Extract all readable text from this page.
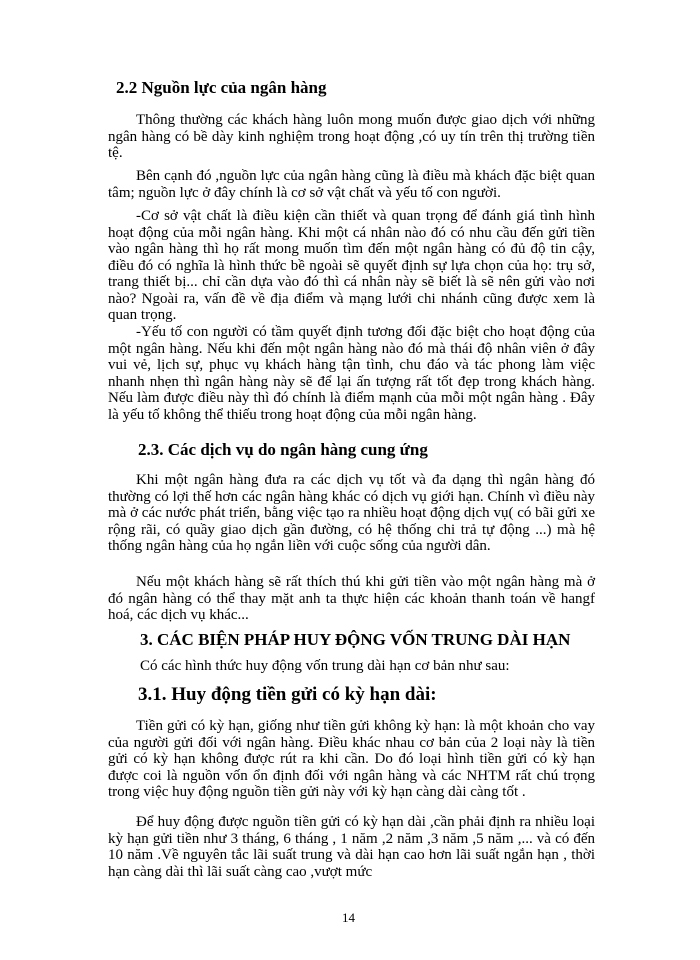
2.2 Nguồn lực của ngân hàng

Thông thường các khách hàng luôn mong muốn được giao dịch với những ngân hàng có bề dày kinh nghiệm trong hoạt động ,có uy tín trên thị trường tiền tệ.

Bên cạnh đó ,nguồn lực của ngân hàng cũng là điều mà khách đặc biệt quan tâm; nguồn lực ở đây chính là cơ sở vật chất và yếu tố con người.

-Cơ sở vật chất là điều kiện cần thiết và quan trọng để đánh giá tình hình hoạt động của mỗi ngân hàng. Khi một cá nhân nào đó có nhu cầu đến gửi tiền vào ngân hàng thì họ rất mong muốn tìm đến một ngân hàng có đủ độ tin cậy, điều đó có nghĩa là hình thức bề ngoài sẽ quyết định sự lựa chọn của họ: trụ sở, trang thiết bị... chỉ cần dựa vào đó thì cá nhân này sẽ biết là sẽ nên gửi vào nơi nào? Ngoài ra, vấn đề về địa điểm và mạng lưới chi nhánh cũng được xem là quan trọng.

-Yếu tố con người có tầm quyết định tương đối đặc biệt cho hoạt động của một ngân hàng. Nếu khi đến một ngân hàng nào đó mà thái độ nhân viên ở đây vui vẻ, lịch sự, phục vụ khách hàng tận tình, chu đáo và tác phong làm việc nhanh nhẹn thì ngân hàng này sẽ để lại ấn tượng rất tốt đẹp trong khách hàng. Nếu làm được điều này thì đó chính là điểm mạnh của mỗi một ngân hàng . Đây là yếu tố không thể thiếu trong hoạt động của mỗi ngân hàng.

2.3. Các dịch vụ do ngân hàng cung ứng

Khi một ngân hàng đưa ra các dịch vụ tốt và đa dạng thì ngân hàng đó thường có lợi thế hơn các ngân hàng khác có dịch vụ giới hạn. Chính vì điều này mà ở các nước phát triển, bằng việc tạo ra nhiều hoạt động dịch vụ( có bãi gửi xe rộng rãi, có quầy giao dịch gần đường, có hệ thống chi trả tự động ...) mà hệ thống ngân hàng của họ ngắn liền với cuộc sống của người dân.

Nếu một khách hàng sẽ rất thích thú khi gửi tiền vào một ngân hàng mà ở đó ngân hàng có thể thay mặt anh ta thực hiện các khoản thanh toán về hangf hoá, các dịch vụ khác...

3. CÁC BIỆN PHÁP HUY ĐỘNG VỐN TRUNG DÀI HẠN
Có các hình thức huy động vốn trung dài hạn cơ bản như sau:
3.1. Huy động tiền gửi có kỳ hạn dài:

Tiền gửi có kỳ hạn, giống như tiền gửi không kỳ hạn: là một khoản cho vay của người gửi đối với ngân hàng. Điều khác nhau cơ bản của 2 loại này là tiền gửi có kỳ hạn không được rút ra khi cần. Do đó loại hình tiền gửi có kỳ hạn được coi là nguồn vốn ổn định đối với ngân hàng và các NHTM rất chú trọng trong việc huy động nguồn tiền gửi này với kỳ hạn càng dài càng tốt .

Để huy động được nguồn tiền gửi có kỳ hạn dài ,cần phải định ra nhiều loại kỳ hạn gửi tiền như 3 tháng, 6 tháng , 1 năm ,2 năm ,3 năm ,5 năm ,... và có đến 10 năm .Về nguyên tắc lãi suất trung và dài hạn cao hơn lãi suất ngắn hạn , thời hạn càng dài thì lãi suất càng cao ,vượt mức

14
